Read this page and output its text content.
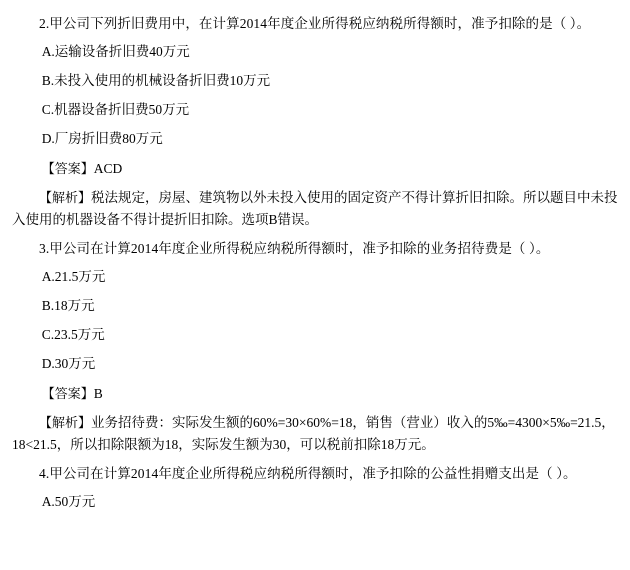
2.甲公司下列折旧费用中，在计算2014年度企业所得税应纳税所得额时，准予扣除的是（ ）。

A.运输设备折旧费40万元

B.未投入使用的机械设备折旧费10万元

C.机器设备折旧费50万元

D.厂房折旧费80万元

【答案】ACD

【解析】税法规定，房屋、建筑物以外未投入使用的固定资产不得计算折旧扣除。所以题目中未投入使用的机器设备不得计提折旧扣除。选项B错误。

3.甲公司在计算2014年度企业所得税应纳税所得额时，准予扣除的业务招待费是（ ）。

A.21.5万元

B.18万元

C.23.5万元

D.30万元

【答案】B

【解析】业务招待费：实际发生额的60%=30×60%=18，销售（营业）收入的5‰=4300×5‰=21.5，18<21.5，所以扣除限额为18，实际发生额为30，可以税前扣除18万元。

4.甲公司在计算2014年度企业所得税应纳税所得额时，准予扣除的公益性捐赠支出是（ ）。

A.50万元
